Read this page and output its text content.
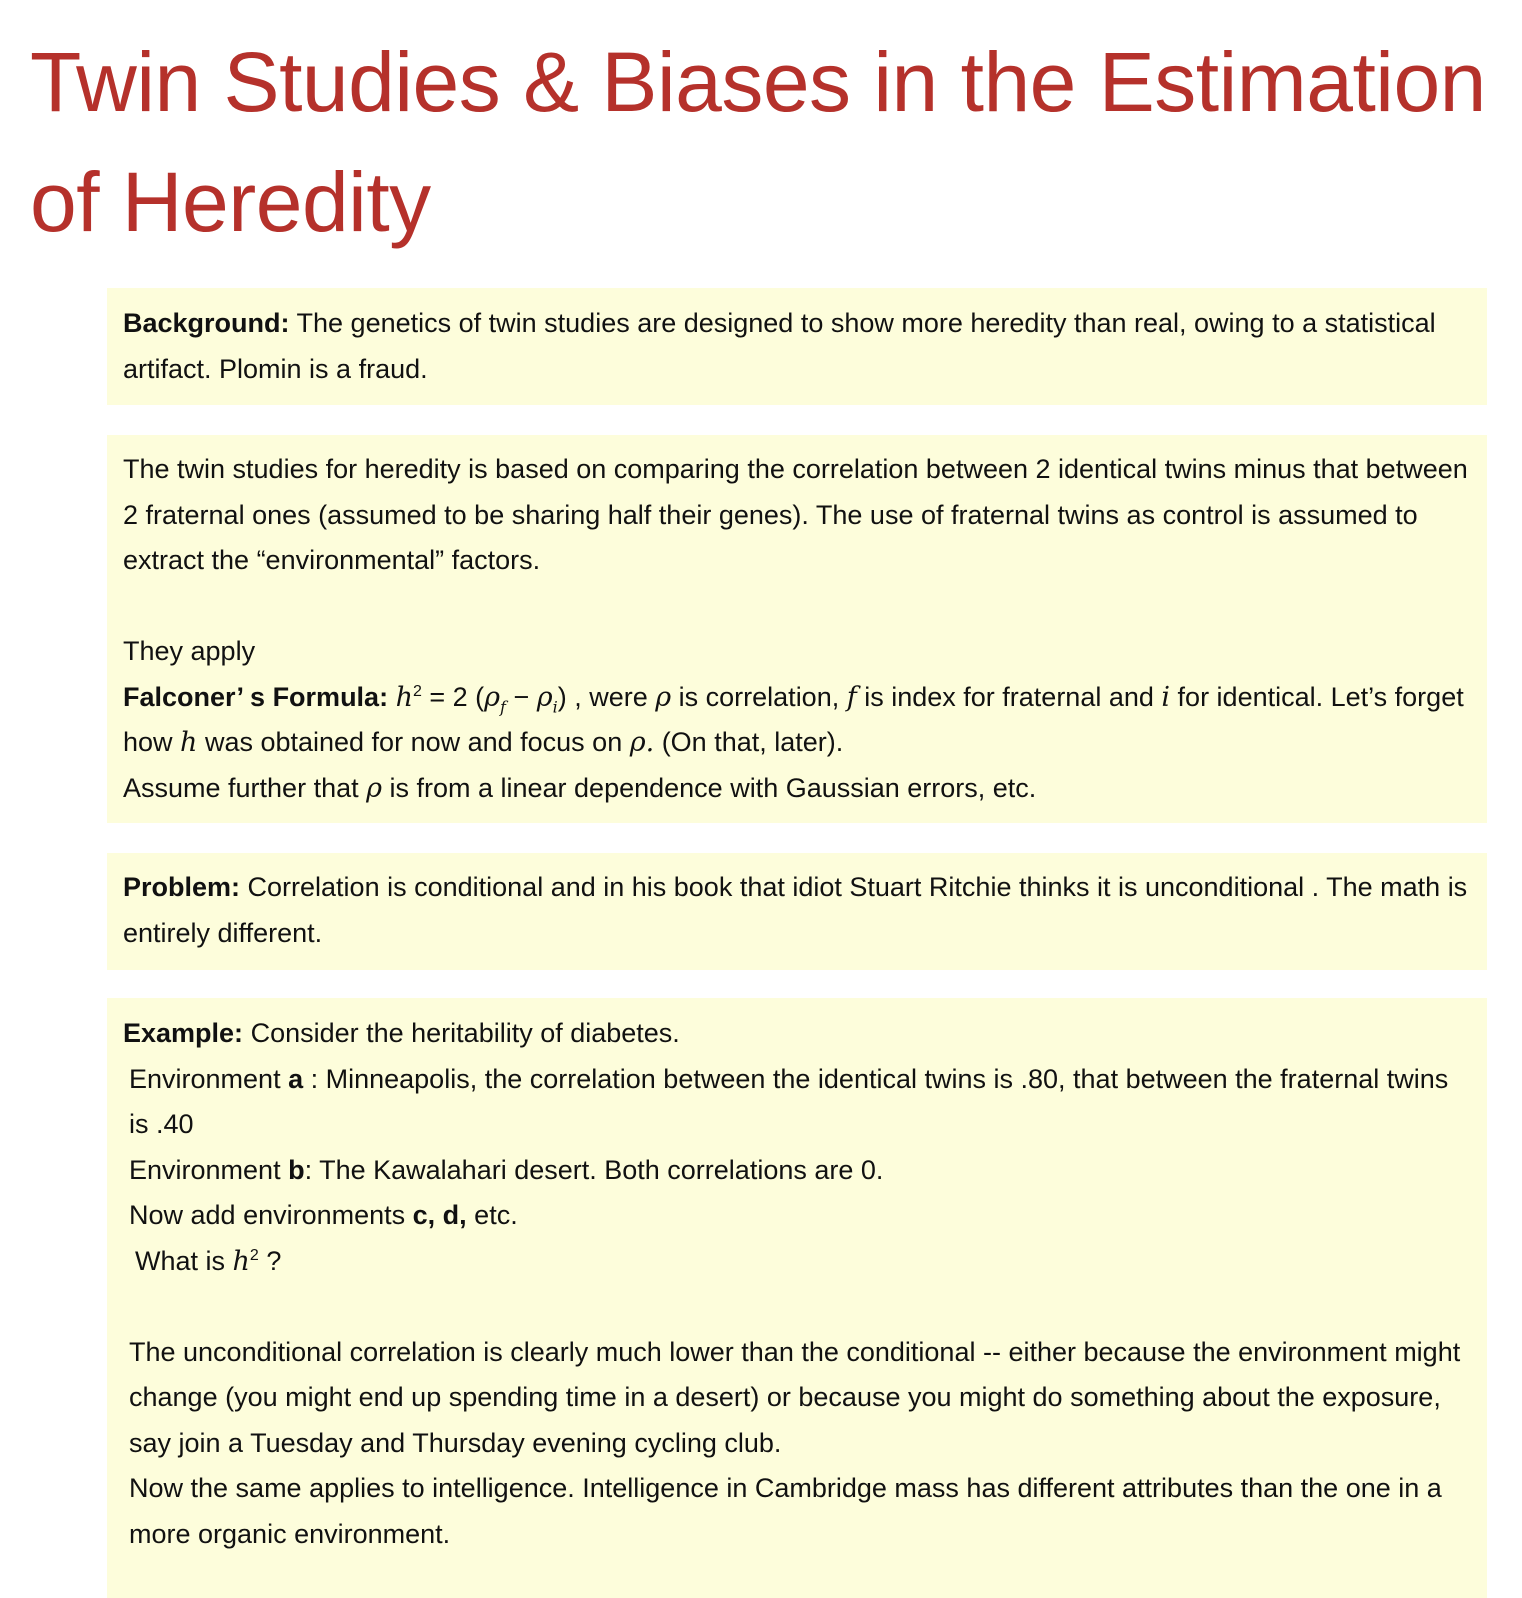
Twin Studies & Biases in the Estimation of Heredity

Background: The genetics of twin studies are designed to show more heredity than real, owing to a statistical artifact. Plomin is a fraud.

The twin studies for heredity is based on comparing the correlation between 2 identical twins minus that between 2 fraternal ones (assumed to be sharing half their genes). The use of fraternal twins as control is assumed to extract the “environmental” factors.

They apply

Falconer’ s Formula: $h^2 = 2$ $(\rho_f - \rho_i)$ , were ρ is correlation, f is index for fraternal and i for identical. Let’s forget how h was obtained for now and focus on ρ. (On that, later).

Assume further that ρ is from a linear dependence with Gaussian errors, etc.

Problem: Correlation is conditional and in his book that idiot Stuart Ritchie thinks it is unconditional . The math is entirely different.

Example: Consider the heritability of diabetes.

Environment a : Minneapolis, the correlation between the identical twins is .80, that between the fraternal twins is .40

Environment b: The Kawalahari desert. Both correlations are 0.

Now add environments c, d, etc.

What is $h^2$ ?

The unconditional correlation is clearly much lower than the conditional -- either because the environment might change (you might end up spending time in a desert) or because you might do something about the exposure, say join a Tuesday and Thursday evening cycling club.

Now the same applies to intelligence. Intelligence in Cambridge mass has different attributes than the one in a more organic environment.
